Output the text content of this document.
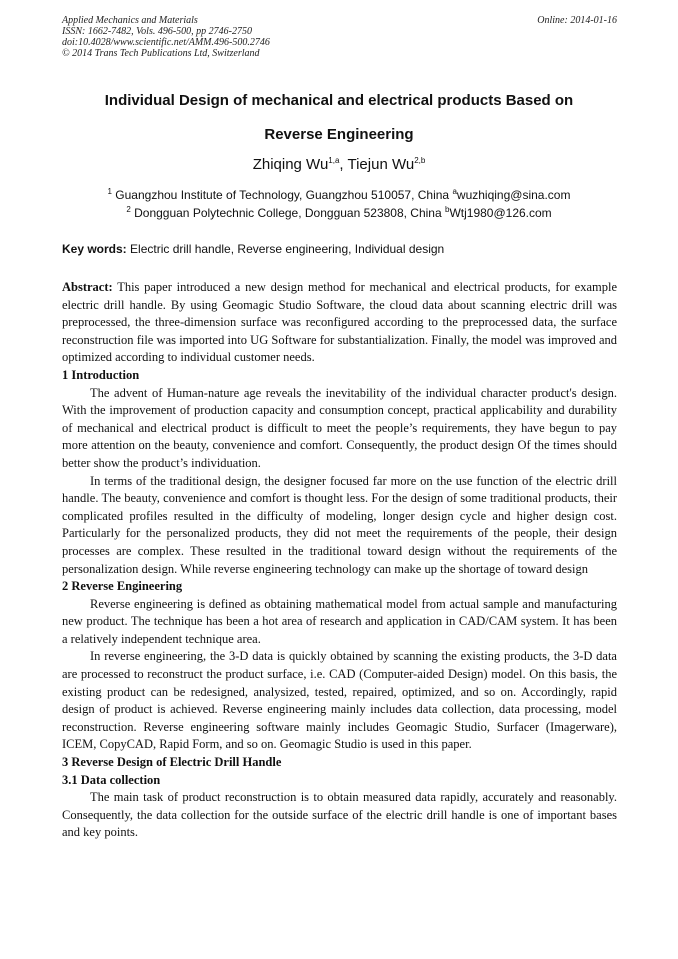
Applied Mechanics and Materials
ISSN: 1662-7482, Vols. 496-500, pp 2746-2750
doi:10.4028/www.scientific.net/AMM.496-500.2746
© 2014 Trans Tech Publications Ltd, Switzerland
Online: 2014-01-16
Individual Design of mechanical and electrical products Based on
Reverse Engineering
Zhiqing Wu$^{1,a}$, Tiejun Wu$^{2,b}$
$^1$ Guangzhou Institute of Technology, Guangzhou 510057, China $^a$wuzhiqing@sina.com
$^2$ Dongguan Polytechnic College, Dongguan 523808, China $^b$Wtj1980@126.com
Key words: Electric drill handle, Reverse engineering, Individual design

Abstract: This paper introduced a new design method for mechanical and electrical products, for example electric drill handle. By using Geomagic Studio Software, the cloud data about scanning electric drill was preprocessed, the three-dimension surface was reconfigured according to the preprocessed data, the surface reconstruction file was imported into UG Software for substantialization. Finally, the model was improved and optimized according to individual customer needs.

1 Introduction

The advent of Human-nature age reveals the inevitability of the individual character product's design. With the improvement of production capacity and consumption concept, practical applicability and durability of mechanical and electrical product is difficult to meet the people’s requirements, they have begun to pay more attention on the beauty, convenience and comfort. Consequently, the product design Of the times should better show the product’s individuation.

In terms of the traditional design, the designer focused far more on the use function of the electric drill handle. The beauty, convenience and comfort is thought less. For the design of some traditional products, their complicated profiles resulted in the difficulty of modeling, longer design cycle and higher design cost. Particularly for the personalized products, they did not meet the requirements of the people, their design processes are complex. These resulted in the traditional toward design without the requirements of the personalization design. While reverse engineering technology can make up the shortage of toward design

2 Reverse Engineering

Reverse engineering is defined as obtaining mathematical model from actual sample and manufacturing new product. The technique has been a hot area of research and application in CAD/CAM system. It has been a relatively independent technique area.

In reverse engineering, the 3-D data is quickly obtained by scanning the existing products, the 3-D data are processed to reconstruct the product surface, i.e. CAD (Computer-aided Design) model. On this basis, the existing product can be redesigned, analysized, tested, repaired, optimized, and so on. Accordingly, rapid design of product is achieved. Reverse engineering mainly includes data collection, data processing, model reconstruction. Reverse engineering software mainly includes Geomagic Studio, Surfacer (Imagerware), ICEM, CopyCAD, Rapid Form, and so on. Geomagic Studio is used in this paper.

3 Reverse Design of Electric Drill Handle
3.1 Data collection

The main task of product reconstruction is to obtain measured data rapidly, accurately and reasonably. Consequently, the data collection for the outside surface of the electric drill handle is one of important bases and key points.
